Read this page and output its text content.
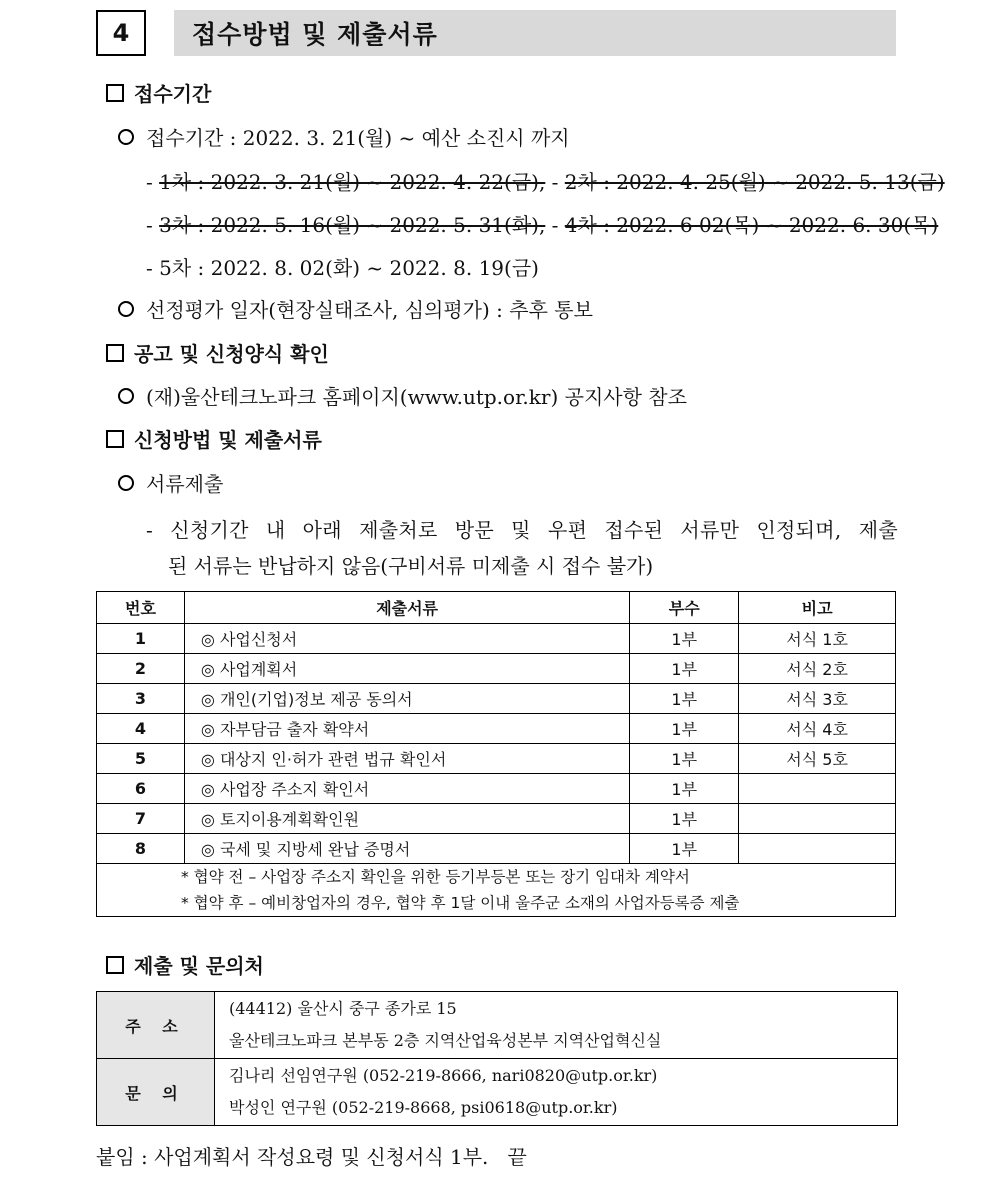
4	접수방법 및 제출서류
접수기간
접수기간 : 2022. 3. 21(월) ~ 예산 소진시 까지
- 1차 : 2022. 3. 21(월) ~ 2022. 4. 22(금), - 2차 : 2022. 4. 25(월) ~ 2022. 5. 13(금)
- 3차 : 2022. 5. 16(월) ~ 2022. 5. 31(화), - 4차 : 2022. 6 02(목) ~ 2022. 6. 30(목)
- 5차 : 2022. 8. 02(화) ~ 2022. 8. 19(금)
선정평가 일자(현장실태조사, 심의평가) : 추후 통보
공고 및 신청양식 확인
(재)울산테크노파크 홈페이지(www.utp.or.kr) 공지사항 참조
신청방법 및 제출서류
서류제출
- 신청기간 내 아래 제출처로 방문 및 우편 접수된 서류만 인정되며, 제출
된 서류는 반납하지 않음(구비서류 미제출 시 접수 불가)
번호	제출서류	부수	비고
1	◎ 사업신청서	1부	서식 1호
2	◎ 사업계획서	1부	서식 2호
3	◎ 개인(기업)정보 제공 동의서	1부	서식 3호
4	◎ 자부담금 출자 확약서	1부	서식 4호
5	◎ 대상지 인·허가 관련 법규 확인서	1부	서식 5호
6	◎ 사업장 주소지 확인서	1부	
7	◎ 토지이용계획확인원	1부	
8	◎ 국세 및 지방세 완납 증명서	1부	

* 협약 전 – 사업장 주소지 확인을 위한 등기부등본 또는 장기 임대차 계약서
* 협약 후 – 예비창업자의 경우, 협약 후 1달 이내 울주군 소재의 사업자등록증 제출			
제출 및 문의처
주 소	(44412) 울산시 중구 종가로 15
울산테크노파크 본부동 2층 지역산업육성본부 지역산업혁신실

문 의	김나리 선임연구원 (052-219-8666, nari0820@utp.or.kr)
박성인 연구원 (052-219-8668, psi0618@utp.or.kr)
붙임 : 사업계획서 작성요령 및 신청서식 1부.   끝
